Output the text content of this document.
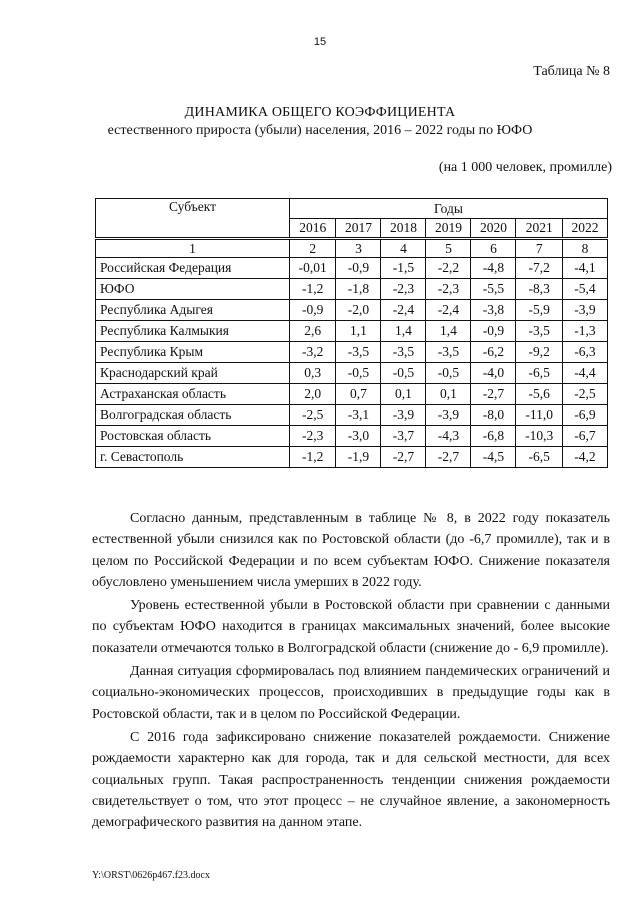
15
Таблица № 8
ДИНАМИКА ОБЩЕГО КОЭФФИЦИЕНТА
естественного прироста (убыли) населения, 2016 – 2022 годы по ЮФО
(на 1 000 человек, промилле)
Субъект	Годы						
	2016	2017	2018	2019	2020	2021	2022
1	2	3	4	5	6	7	8
Российская Федерация	-0,01	-0,9	-1,5	-2,2	-4,8	-7,2	-4,1
ЮФО	-1,2	-1,8	-2,3	-2,3	-5,5	-8,3	-5,4
Республика Адыгея	-0,9	-2,0	-2,4	-2,4	-3,8	-5,9	-3,9
Республика Калмыкия	2,6	1,1	1,4	1,4	-0,9	-3,5	-1,3
Республика Крым	-3,2	-3,5	-3,5	-3,5	-6,2	-9,2	-6,3
Краснодарский край	0,3	-0,5	-0,5	-0,5	-4,0	-6,5	-4,4
Астраханская область	2,0	0,7	0,1	0,1	-2,7	-5,6	-2,5
Волгоградская область	-2,5	-3,1	-3,9	-3,9	-8,0	-11,0	-6,9
Ростовская область	-2,3	-3,0	-3,7	-4,3	-6,8	-10,3	-6,7
г. Севастополь	-1,2	-1,9	-2,7	-2,7	-4,5	-6,5	-4,2

Согласно данным, представленным в таблице № 8, в 2022 году показатель естественной убыли снизился как по Ростовской области (до -6,7 промилле), так и в целом по Российской Федерации и по всем субъектам ЮФО. Снижение показателя обусловлено уменьшением числа умерших в 2022 году.

Уровень естественной убыли в Ростовской области при сравнении с данными по субъектам ЮФО находится в границах максимальных значений, более высокие показатели отмечаются только в Волгоградской области (снижение до - 6,9 промилле).

Данная ситуация сформировалась под влиянием пандемических ограничений и социально-экономических процессов, происходивших в предыдущие годы как в Ростовской области, так и в целом по Российской Федерации.

С 2016 года зафиксировано снижение показателей рождаемости. Снижение рождаемости характерно как для города, так и для сельской местности, для всех социальных групп. Такая распространенность тенденции снижения рождаемости свидетельствует о том, что этот процесс – не случайное явление, а закономерность демографического развития на данном этапе.

Y:\ORST\0626p467.f23.docx
